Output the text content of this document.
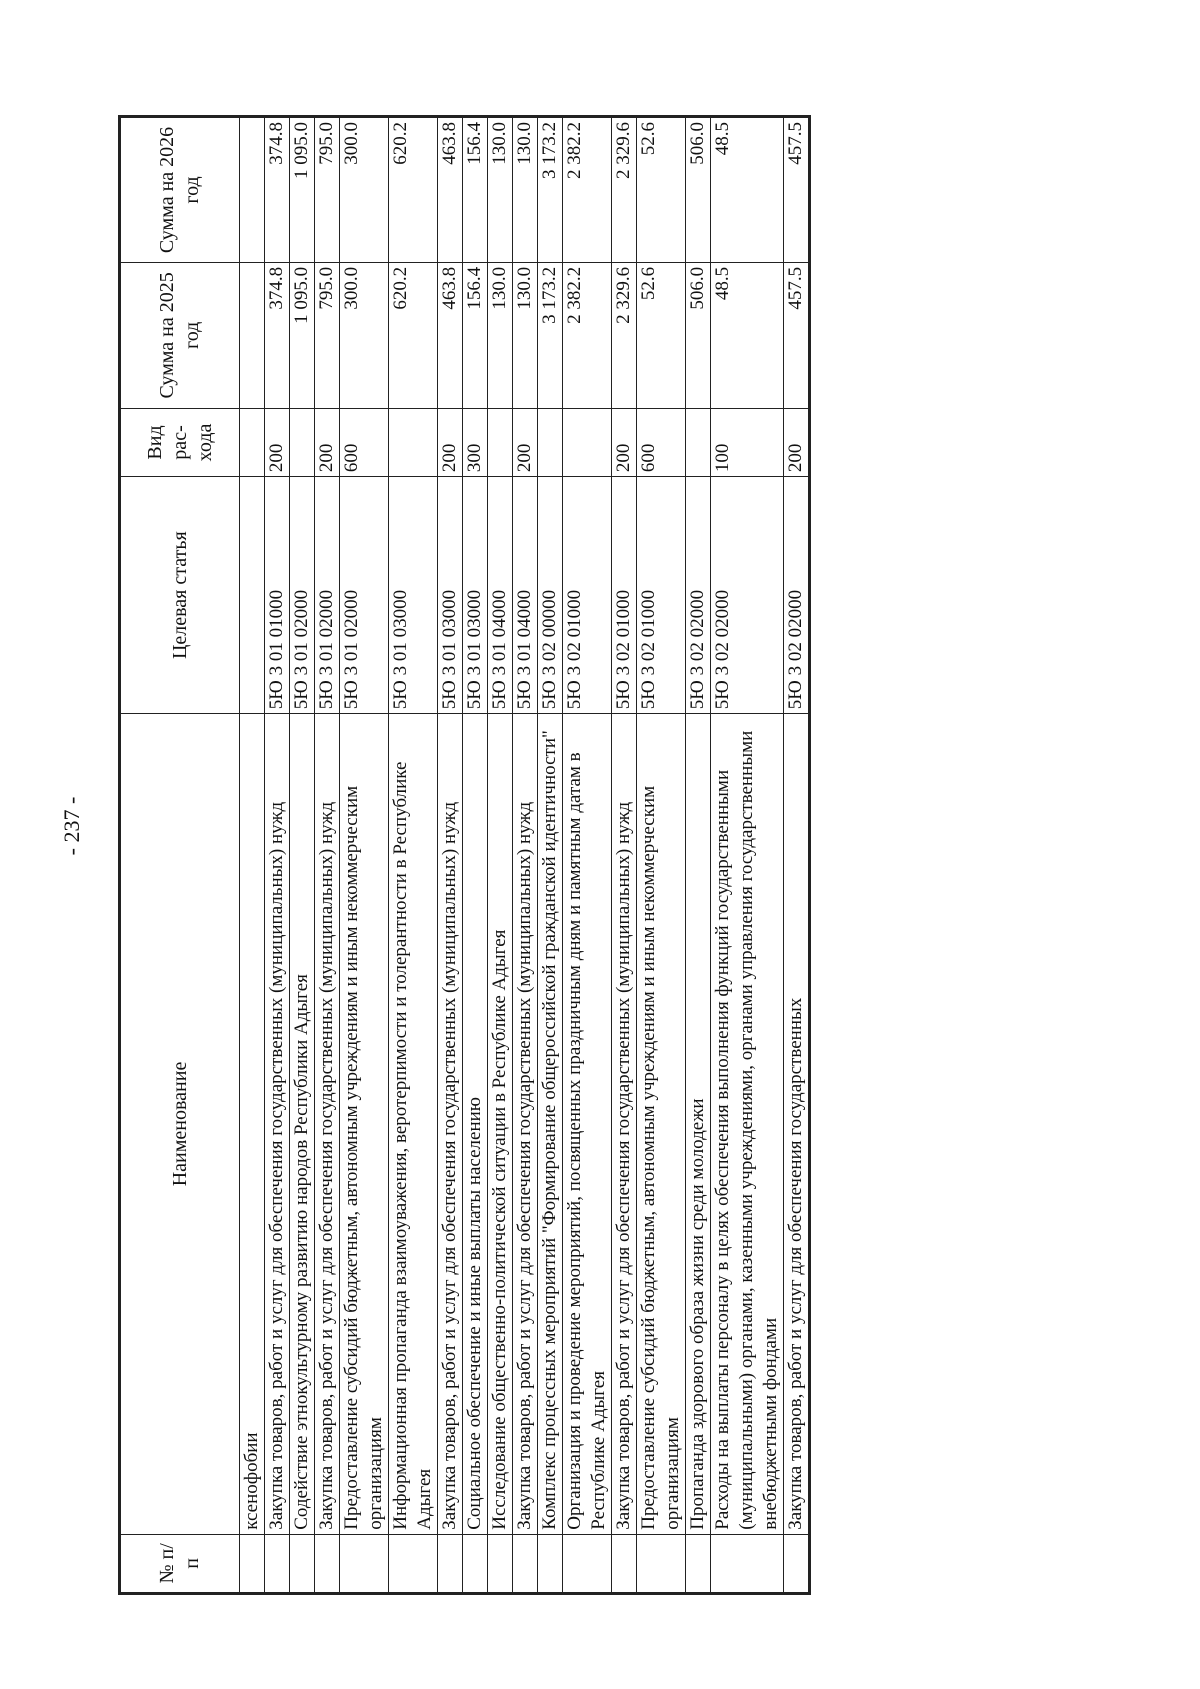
- 237 -
№ п/п	Наименование	Целевая статья	Вид рас-хода	Сумма на 2025 год	Сумма на 2026 год
	ксенофобии				
	Закупка товаров, работ и услуг для обеспечения государственных (муниципальных) нужд	5Ю 3 01 01000	200	374.8	374.8
	Содействие этнокультурному развитию народов Республики Адыгея	5Ю 3 01 02000		1 095.0	1 095.0
	Закупка товаров, работ и услуг для обеспечения государственных (муниципальных) нужд	5Ю 3 01 02000	200	795.0	795.0
	Предоставление субсидий бюджетным, автономным учреждениям и иным некоммерческим организациям	5Ю 3 01 02000	600	300.0	300.0
	Информационная пропаганда взаимоуважения, веротерпимости и толерантности в Республике Адыгея	5Ю 3 01 03000		620.2	620.2
	Закупка товаров, работ и услуг для обеспечения государственных (муниципальных) нужд	5Ю 3 01 03000	200	463.8	463.8
	Социальное обеспечение и иные выплаты населению	5Ю 3 01 03000	300	156.4	156.4
	Исследование общественно-политической ситуации в Республике Адыгея	5Ю 3 01 04000		130.0	130.0
	Закупка товаров, работ и услуг для обеспечения государственных (муниципальных) нужд	5Ю 3 01 04000	200	130.0	130.0
	Комплекс процессных мероприятий "Формирование общероссийской гражданской идентичности"	5Ю 3 02 00000		3 173.2	3 173.2
	Организация и проведение мероприятий, посвященных праздничным дням и памятным датам в Республике Адыгея	5Ю 3 02 01000		2 382.2	2 382.2
	Закупка товаров, работ и услуг для обеспечения государственных (муниципальных) нужд	5Ю 3 02 01000	200	2 329.6	2 329.6
	Предоставление субсидий бюджетным, автономным учреждениям и иным некоммерческим организациям	5Ю 3 02 01000	600	52.6	52.6
	Пропаганда здорового образа жизни среди молодежи	5Ю 3 02 02000		506.0	506.0
	Расходы на выплаты персоналу в целях обеспечения выполнения функций государственными (муниципальными) органами, казенными учреждениями, органами управления государственными внебюджетными фондами	5Ю 3 02 02000	100	48.5	48.5
	Закупка товаров, работ и услуг для обеспечения государственных	5Ю 3 02 02000	200	457.5	457.5
